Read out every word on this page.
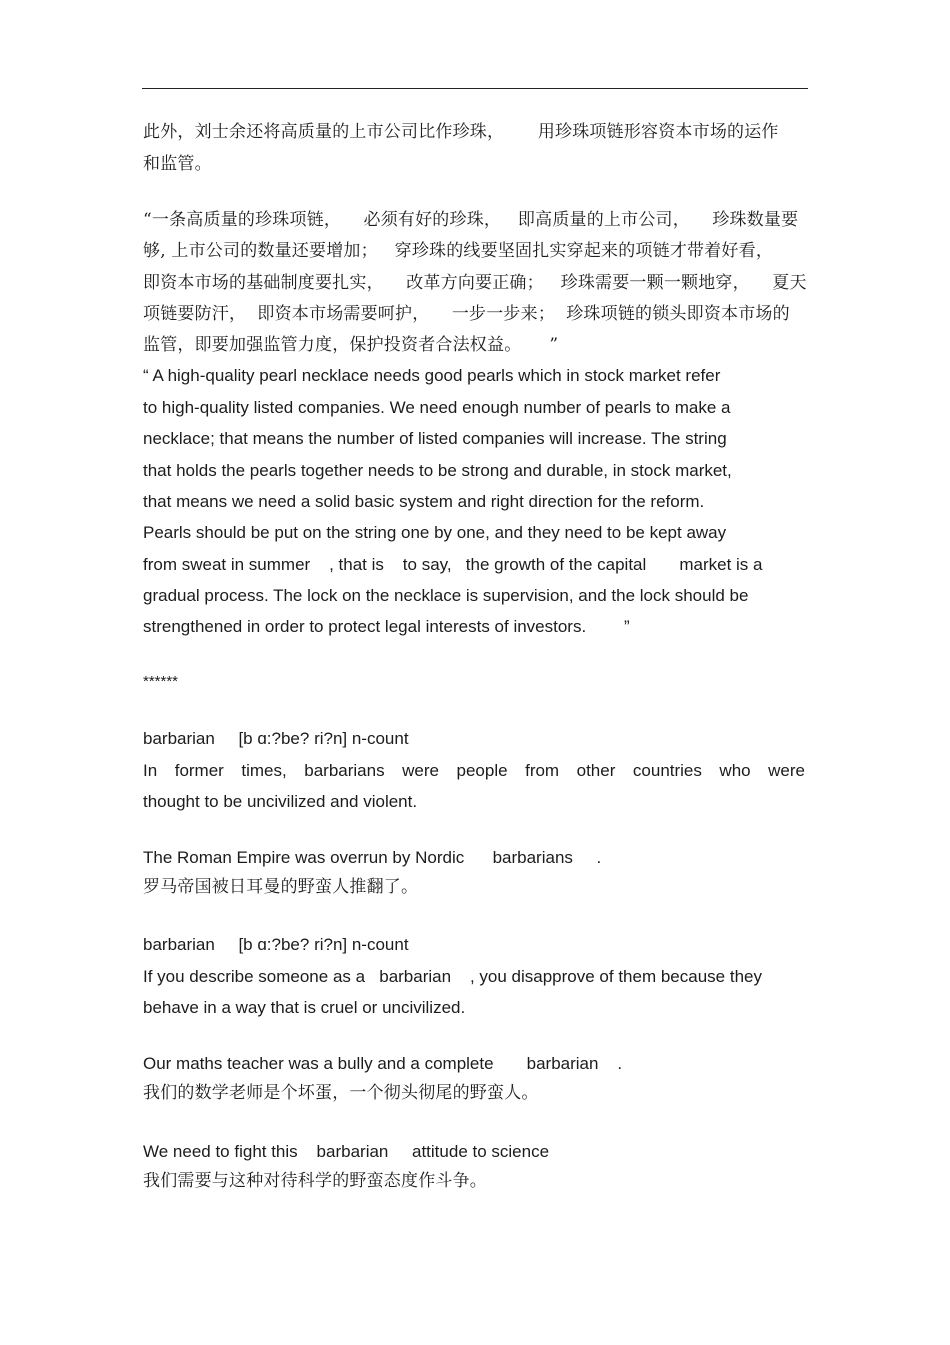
此外，刘士余还将高质量的上市公司比作珍珠，      用珍珠项链形容资本市场的运作
和监管。
“一条高质量的珍珠项链，    必须有好的珍珠，   即高质量的上市公司，    珍珠数量要
够, 上市公司的数量还要增加；   穿珍珠的线要坚固扎实穿起来的项链才带着好看，
即资本市场的基础制度要扎实，    改革方向要正确；   珍珠需要一颗一颗地穿，    夏天
项链要防汗，  即资本市场需要呵护，    一步一步来；  珍珠项链的锁头即资本市场的
监管，即要加强监管力度，保护投资者合法权益。     ”
“ A high-quality pearl necklace needs good pearls which in stock market refer
to high-quality listed companies. We need enough number of pearls to make a
necklace; that means the number of listed companies will increase. The string
that holds the pearls together needs to be strong and durable, in stock market,
that means we need a solid basic system and right direction for the reform.
Pearls should be put on the string one by one, and they need to be kept away
from sweat in summer    , that is    to say,   the growth of the capital       market is a
gradual process. The lock on the necklace is supervision, and the lock should be
strengthened in order to protect legal interests of investors.        ”
******
barbarian     [b ɑ:?be? ri?n] n-count
In former times, barbarians were people from other countries who were
thought to be uncivilized and violent.
The Roman Empire was overrun by Nordic      barbarians     .
罗马帝国被日耳曼的野蛮人推翻了。
barbarian     [b ɑ:?be? ri?n] n-count
If you describe someone as a   barbarian    , you disapprove of them because they
behave in a way that is cruel or uncivilized.
Our maths teacher was a bully and a complete       barbarian    .
我们的数学老师是个坏蛋，一个彻头彻尾的野蛮人。
We need to fight this    barbarian     attitude to science
我们需要与这种对待科学的野蛮态度作斗争。
